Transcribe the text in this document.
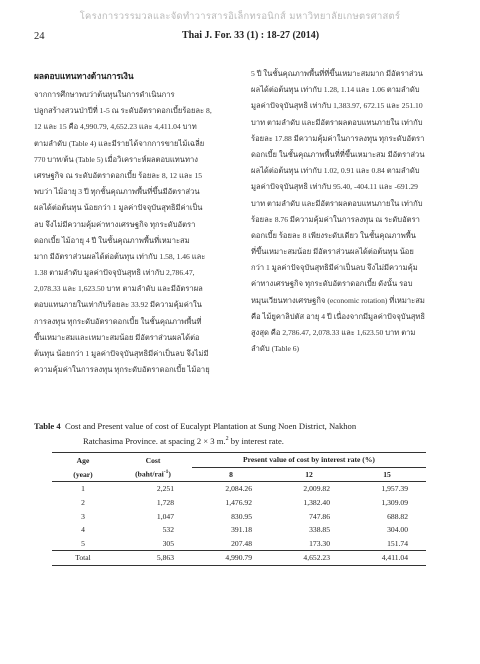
โครงการวรรมวลและจัดทำวารสารอิเล็กทรอนิกส์ มหาวิทยาลัยเกษตรศาสตร์
24	Thai J. For. 33 (1) : 18-27 (2014)
ผลตอบแทนทางด้านการเงิน
จากการศึกษาพบว่าต้นทุนในการดำเนินการ
ปลูกสร้างสวนป่าปีที่ 1-5 ณ ระดับอัตราดอกเบี้ยร้อยละ 8,
12 และ 15 คือ 4,990.79, 4,652.23 และ 4,411.04 บาท
ตามลำดับ (Table 4) และมีรายได้จากการขายไม้เฉลี่ย
770 บาท/ต้น (Table 5) เมื่อวิเคราะห์ผลตอบแทนทาง
เศรษฐกิจ ณ ระดับอัตราดอกเบี้ย ร้อยละ 8, 12 และ 15
พบว่า ไม้อายุ 3 ปี ทุกชั้นคุณภาพพื้นที่ขึ้นมีอัตราส่วน
ผลได้ต่อต้นทุน น้อยกว่า 1 มูลค่าปัจจุบันสุทธิมีค่าเป็น
ลบ จึงไม่มีความคุ้มค่าทางเศรษฐกิจ ทุกระดับอัตรา
ดอกเบี้ย ไม้อายุ 4 ปี ในชั้นคุณภาพพื้นที่เหมาะสม
มาก มีอัตราส่วนผลได้ต่อต้นทุน เท่ากับ 1.58, 1.46 และ
1.38 ตามลำดับ มูลค่าปัจจุบันสุทธิ เท่ากับ 2,786.47,
2,078.33 และ 1,623.50 บาท ตามลำดับ และมีอัตราผล
ตอบแทนภายในเท่ากับร้อยละ 33.92 มีความคุ้มค่าใน
การลงทุน ทุกระดับอัตราดอกเบี้ย ในชั้นคุณภาพพื้นที่
ขึ้นเหมาะสมและเหมาะสมน้อย มีอัตราส่วนผลได้ต่อ
ต้นทุน น้อยกว่า 1 มูลค่าปัจจุบันสุทธิมีค่าเป็นลบ จึงไม่มี
ความคุ้มค่าในการลงทุน ทุกระดับอัตราดอกเบี้ย ไม้อายุ
5 ปี ในชั้นคุณภาพพื้นที่ที่ขึ้นเหมาะสมมาก มีอัตราส่วน
ผลได้ต่อต้นทุน เท่ากับ 1.28, 1.14 และ 1.06 ตามลำดับ
มูลค่าปัจจุบันสุทธิ เท่ากับ 1,383.97, 672.15 และ 251.10
บาท ตามลำดับ และมีอัตราผลตอบแทนภายใน เท่ากับ
ร้อยละ 17.88 มีความคุ้มค่าในการลงทุน ทุกระดับอัตรา
ดอกเบี้ย ในชั้นคุณภาพพื้นที่ที่ขึ้นเหมาะสม มีอัตราส่วน
ผลได้ต่อต้นทุน เท่ากับ 1.02, 0.91 และ 0.84 ตามลำดับ
มูลค่าปัจจุบันสุทธิ เท่ากับ 95.40, -404.11 และ -691.29
บาท ตามลำดับ และมีอัตราผลตอบแทนภายใน เท่ากับ
ร้อยละ 8.76 มีความคุ้มค่าในการลงทุน ณ ระดับอัตรา
ดอกเบี้ย ร้อยละ 8 เพียงระดับเดียว ในชั้นคุณภาพพื้น
ที่ขึ้นเหมาะสมน้อย มีอัตราส่วนผลได้ต่อต้นทุน น้อย
กว่า 1 มูลค่าปัจจุบันสุทธิมีค่าเป็นลบ จึงไม่มีความคุ้ม
ค่าทางเศรษฐกิจ ทุกระดับอัตราดอกเบี้ย ดังนั้น รอบ
หมุนเวียนทางเศรษฐกิจ (economic rotation) ที่เหมาะสม
คือ ไม้ยูคาลิปตัส อายุ 4 ปี เนื่องจากมีมูลค่าปัจจุบันสุทธิ
สูงสุด คือ 2,786.47, 2,078.33 และ 1,623.50 บาท ตาม
ลำดับ (Table 6)
Table 4 Cost and Present value of cost of Eucalypt Plantation at Sung Noen District, Nakhon
Ratchasima Province. at spacing 2 × 3 m.$^2$ by interest rate.
Age	Cost	Present value of cost by interest rate (%)		
(year)	(baht/rai$^{-1}$)	8	12	15
1	2,251	2,084.26	2,009.82	1,957.39
2	1,728	1,476.92	1,382.40	1,309.09
3	1,047	830.95	747.86	688.82
4	532	391.18	338.85	304.00
5	305	207.48	173.30	151.74
Total	5,863	4,990.79	4,652.23	4,411.04
